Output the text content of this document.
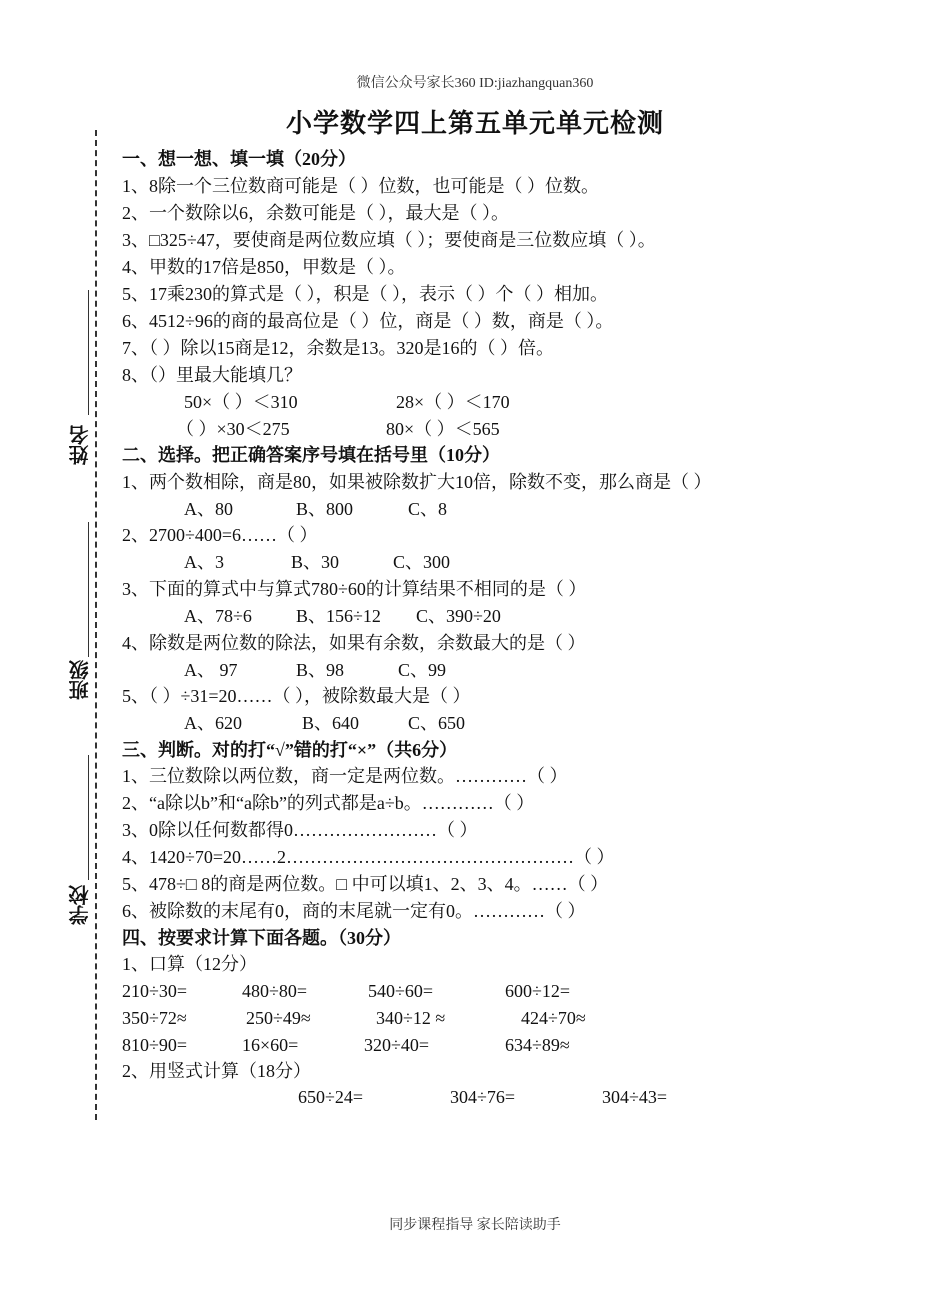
微信公众号家长360 ID:jiazhangquan360
小学数学四上第五单元单元检测
姓名
班级
学校
一、想一想、填一填（20分）
1、8除一个三位数商可能是（ ）位数，也可能是（ ）位数。
2、一个数除以6，余数可能是（ ），最大是（ ）。
3、□325÷47，要使商是两位数应填（ ）；要使商是三位数应填（ ）。
4、甲数的17倍是850，甲数是（ ）。
5、17乘230的算式是（ ），积是（ ），表示（ ）个（ ）相加。
6、4512÷96的商的最高位是（ ）位，商是（ ）数，商是（ ）。
7、（ ）除以15商是12，余数是13。320是16的（ ）倍。
8、（）里最大能填几？
50×（ ）＜310	28×（ ）＜170
（ ）×30＜275	80×（ ）＜565
二、选择。把正确答案序号填在括号里（10分）
1、两个数相除，商是80，如果被除数扩大10倍，除数不变，那么商是（ ）
A、80	B、800	C、8
2、2700÷400=6……（ ）
A、3	B、30	C、300
3、下面的算式中与算式780÷60的计算结果不相同的是（ ）
A、78÷6 B、156÷12 C、390÷20
4、除数是两位数的除法，如果有余数，余数最大的是（ ）
A、 97	B、98	C、99
5、（ ）÷31=20……（ ），被除数最大是（ ）
A、620	B、640	C、650
三、判断。对的打“√”错的打“×”（共6分）
1、三位数除以两位数，商一定是两位数。…………（ ）
2、“a除以b”和“a除b”的列式都是a÷b。…………（ ）
3、0除以任何数都得0……………………（ ）
4、1420÷70=20……2…………………………………………（ ）
5、478÷□ 8的商是两位数。□ 中可以填1、2、3、4。……（ ）
6、被除数的末尾有0，商的末尾就一定有0。…………（ ）
四、按要求计算下面各题。（30分）
1、口算（12分）
210÷30=	480÷80=	540÷60=	600÷12=
350÷72≈	250÷49≈	340÷12 ≈	424÷70≈
810÷90=	16×60=	320÷40=	634÷89≈
2、用竖式计算（18分）
650÷24=	304÷76=	304÷43=
同步课程指导 家长陪读助手
